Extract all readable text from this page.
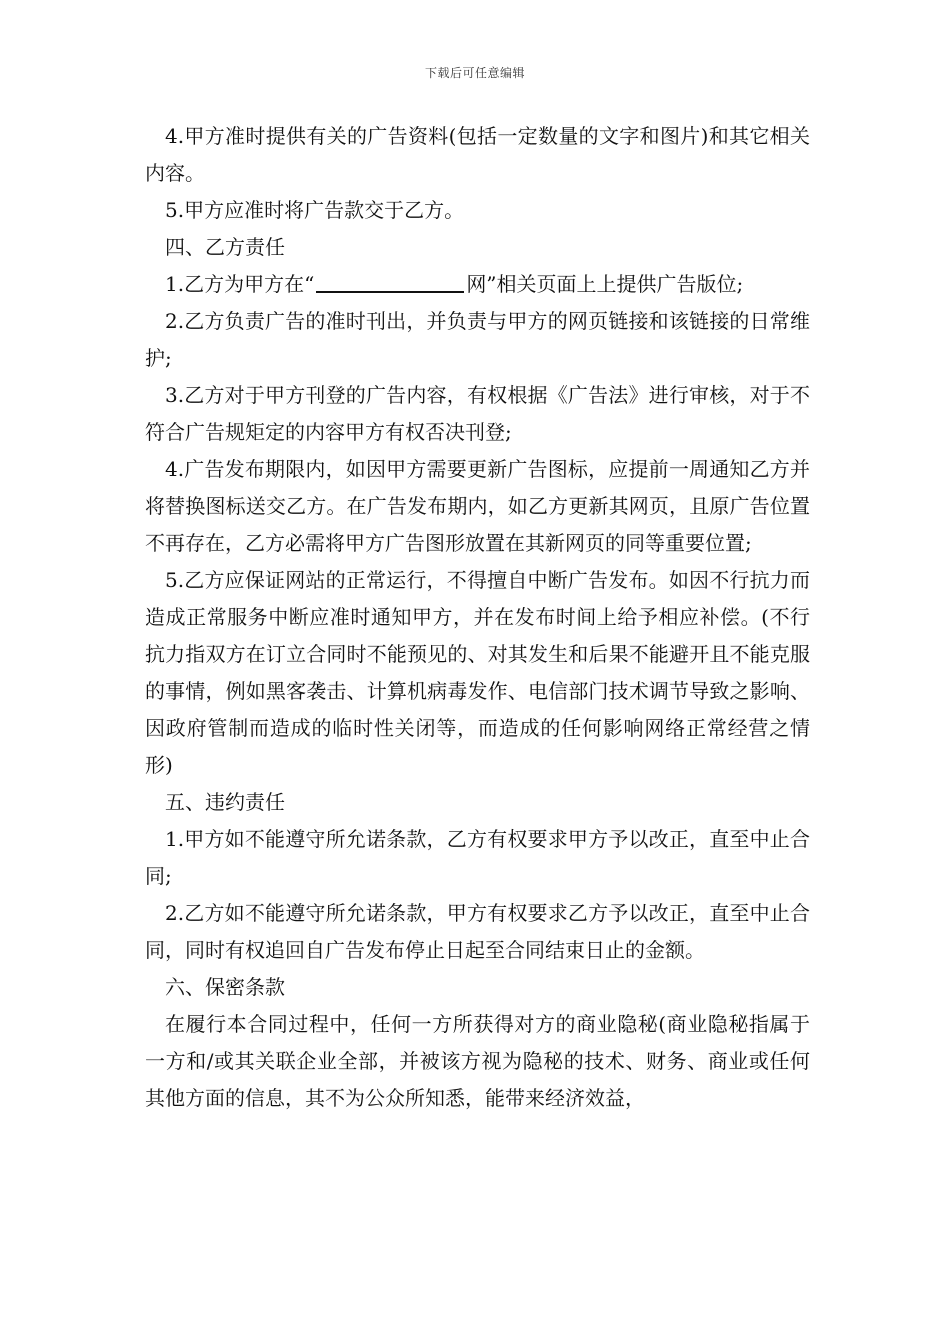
下载后可任意编辑

4.甲方准时提供有关的广告资料(包括一定数量的文字和图片)和其它相关内容。

5.甲方应准时将广告款交于乙方。

四、乙方责任

1.乙方为甲方在“	网”相关页面上上提供广告版位;

2.乙方负责广告的准时刊出，并负责与甲方的网页链接和该链接的日常维护;

3.乙方对于甲方刊登的广告内容，有权根据《广告法》进行审核，对于不符合广告规矩定的内容甲方有权否决刊登;

4.广告发布期限内，如因甲方需要更新广告图标，应提前一周通知乙方并将替换图标送交乙方。在广告发布期内，如乙方更新其网页，且原广告位置不再存在，乙方必需将甲方广告图形放置在其新网页的同等重要位置;

5.乙方应保证网站的正常运行，不得擅自中断广告发布。如因不行抗力而造成正常服务中断应准时通知甲方，并在发布时间上给予相应补偿。(不行抗力指双方在订立合同时不能预见的、对其发生和后果不能避开且不能克服的事情，例如黑客袭击、计算机病毒发作、电信部门技术调节导致之影响、因政府管制而造成的临时性关闭等，而造成的任何影响网络正常经营之情形)

五、违约责任

1.甲方如不能遵守所允诺条款，乙方有权要求甲方予以改正，直至中止合同;

2.乙方如不能遵守所允诺条款，甲方有权要求乙方予以改正，直至中止合同，同时有权追回自广告发布停止日起至合同结束日止的金额。

六、保密条款

在履行本合同过程中，任何一方所获得对方的商业隐秘(商业隐秘指属于一方和/或其关联企业全部，并被该方视为隐秘的技术、财务、商业或任何其他方面的信息，其不为公众所知悉，能带来经济效益，
